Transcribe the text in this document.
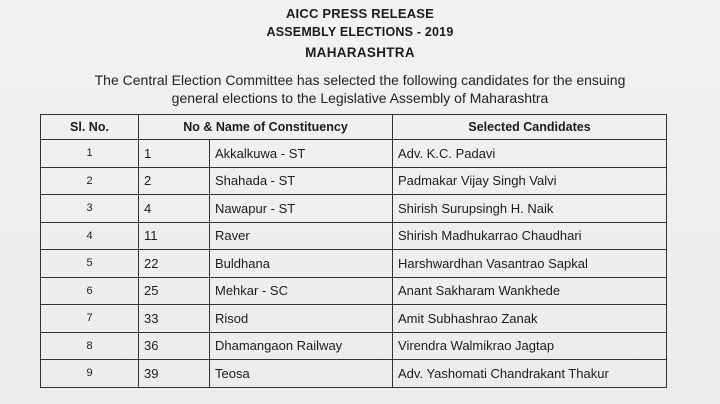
AICC PRESS RELEASE
ASSEMBLY ELECTIONS - 2019
MAHARASHTRA
The Central Election Committee has selected the following candidates for the ensuing
general elections to the Legislative Assembly of Maharashtra
Sl. No.	No & Name of Constituency		Selected Candidates
1	1	Akkalkuwa - ST	Adv. K.C. Padavi
2	2	Shahada - ST	Padmakar Vijay Singh Valvi
3	4	Nawapur - ST	Shirish Surupsingh H. Naik
4	11	Raver	Shirish Madhukarrao Chaudhari
5	22	Buldhana	Harshwardhan Vasantrao Sapkal
6	25	Mehkar - SC	Anant Sakharam Wankhede
7	33	Risod	Amit Subhashrao Zanak
8	36	Dhamangaon Railway	Virendra Walmikrao Jagtap
9	39	Teosa	Adv. Yashomati Chandrakant Thakur
